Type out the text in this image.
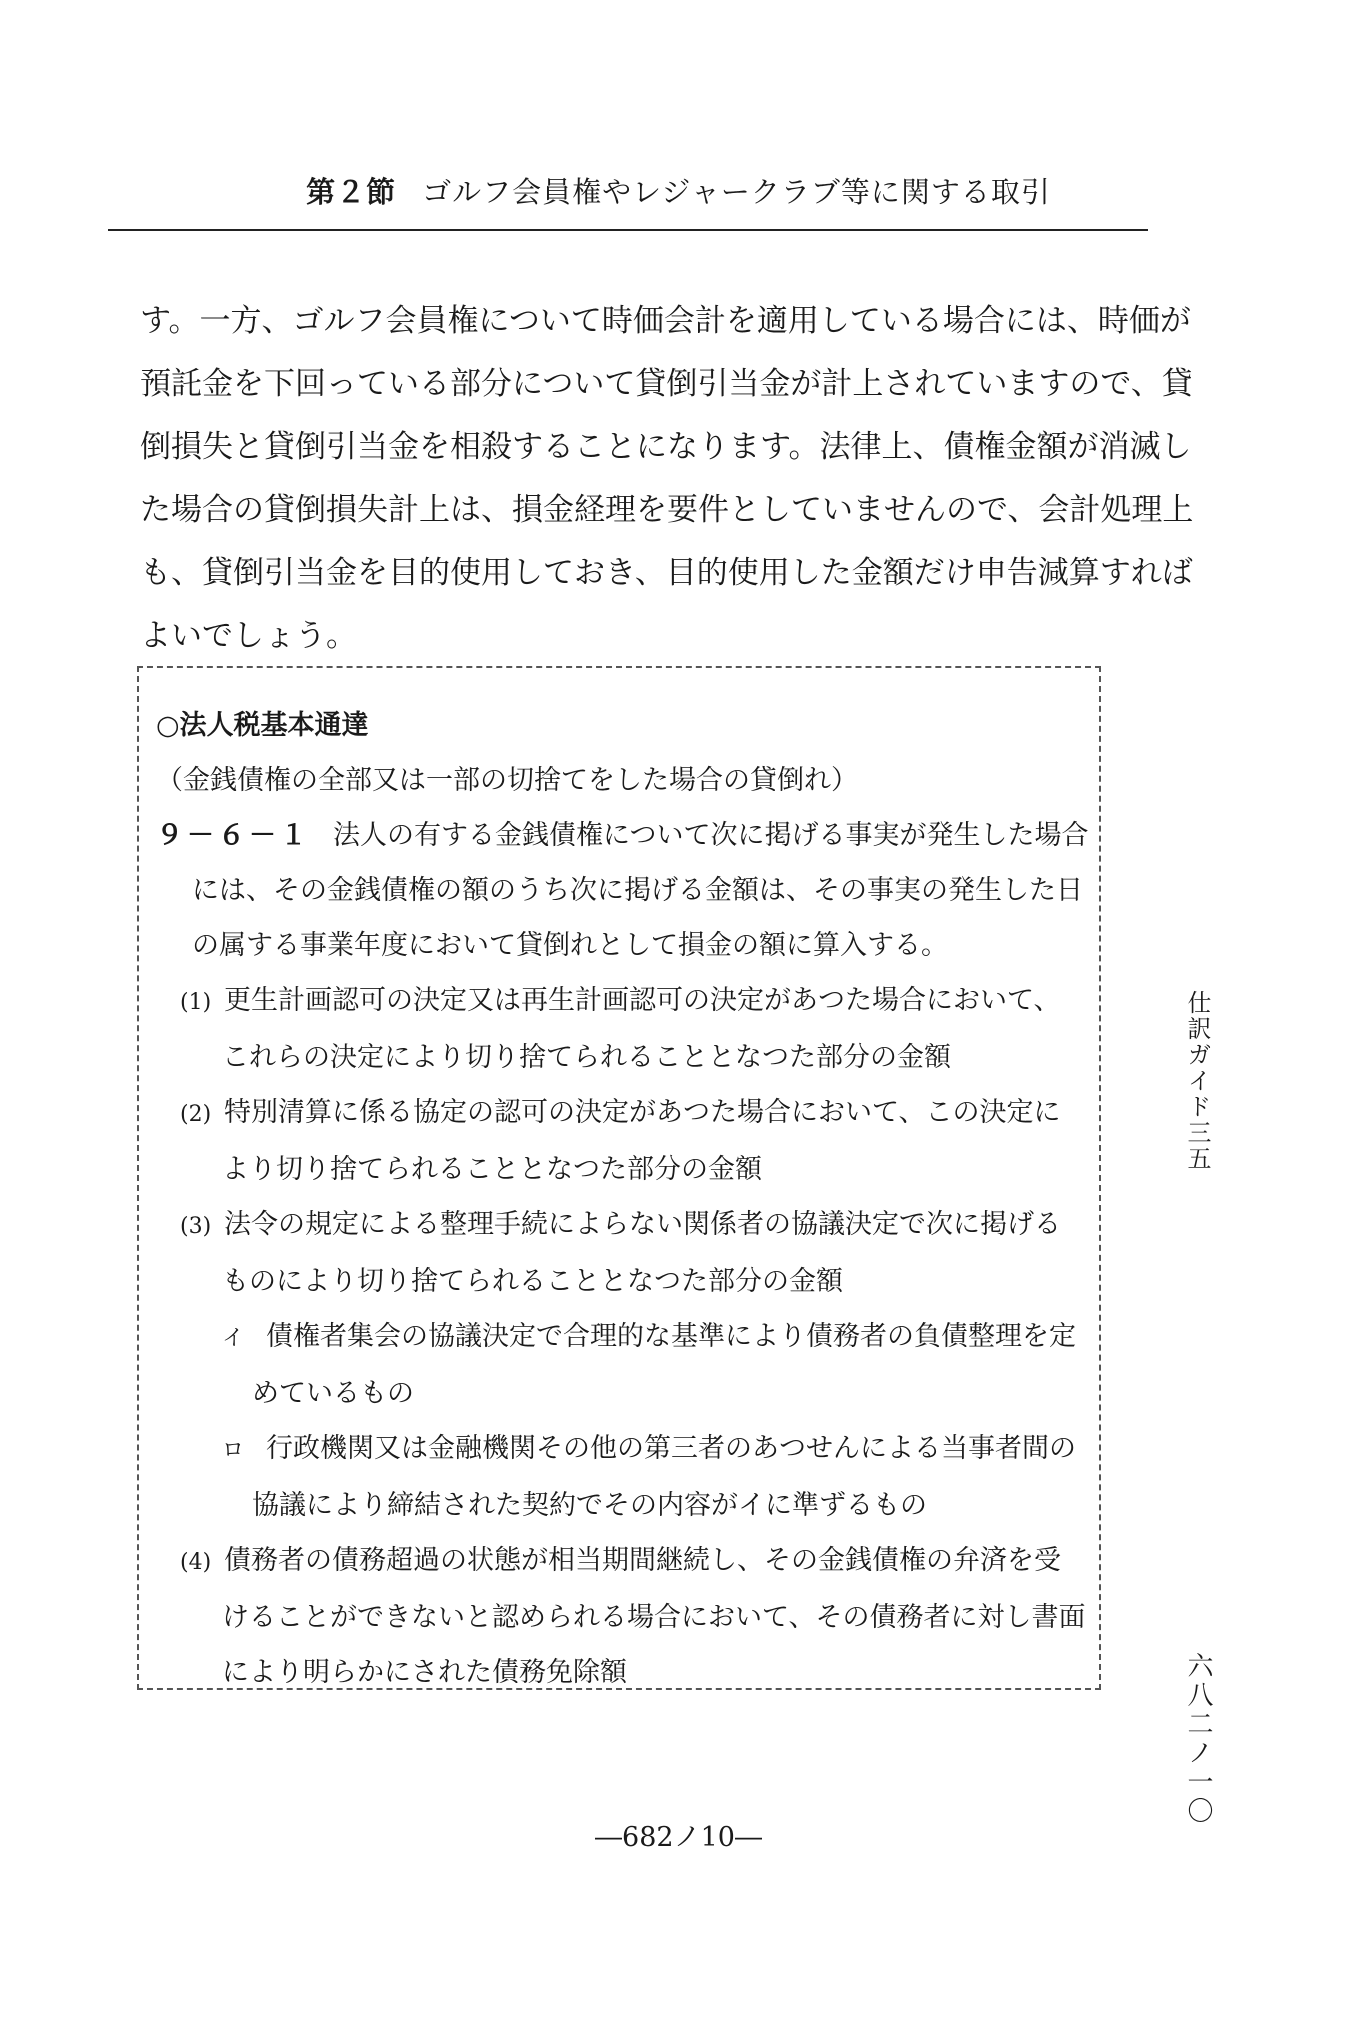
第２節 ゴルフ会員権やレジャークラブ等に関する取引
す。一方、ゴルフ会員権について時価会計を適用している場合には、時価が
預託金を下回っている部分について貸倒引当金が計上されていますので、貸
倒損失と貸倒引当金を相殺することになります。法律上、債権金額が消滅し
た場合の貸倒損失計上は、損金経理を要件としていませんので、会計処理上
も、貸倒引当金を目的使用しておき、目的使用した金額だけ申告減算すれば
よいでしょう。
○法人税基本通達
（金銭債権の全部又は一部の切捨てをした場合の貸倒れ）
９－６－１ 法人の有する金銭債権について次に掲げる事実が発生した場合
には、その金銭債権の額のうち次に掲げる金額は、その事実の発生した日
の属する事業年度において貸倒れとして損金の額に算入する。
(1) 更生計画認可の決定又は再生計画認可の決定があつた場合において、
これらの決定により切り捨てられることとなつた部分の金額
(2) 特別清算に係る協定の認可の決定があつた場合において、この決定に
より切り捨てられることとなつた部分の金額
(3) 法令の規定による整理手続によらない関係者の協議決定で次に掲げる
ものにより切り捨てられることとなつた部分の金額
イ 債権者集会の協議決定で合理的な基準により債務者の負債整理を定
めているもの
ロ 行政機関又は金融機関その他の第三者のあつせんによる当事者間の
協議により締結された契約でその内容がイに準ずるもの
(4) 債務者の債務超過の状態が相当期間継続し、その金銭債権の弁済を受
けることができないと認められる場合において、その債務者に対し書面
により明らかにされた債務免除額
仕訳ガイド三五
六八二ノ一〇
―682ノ10―
